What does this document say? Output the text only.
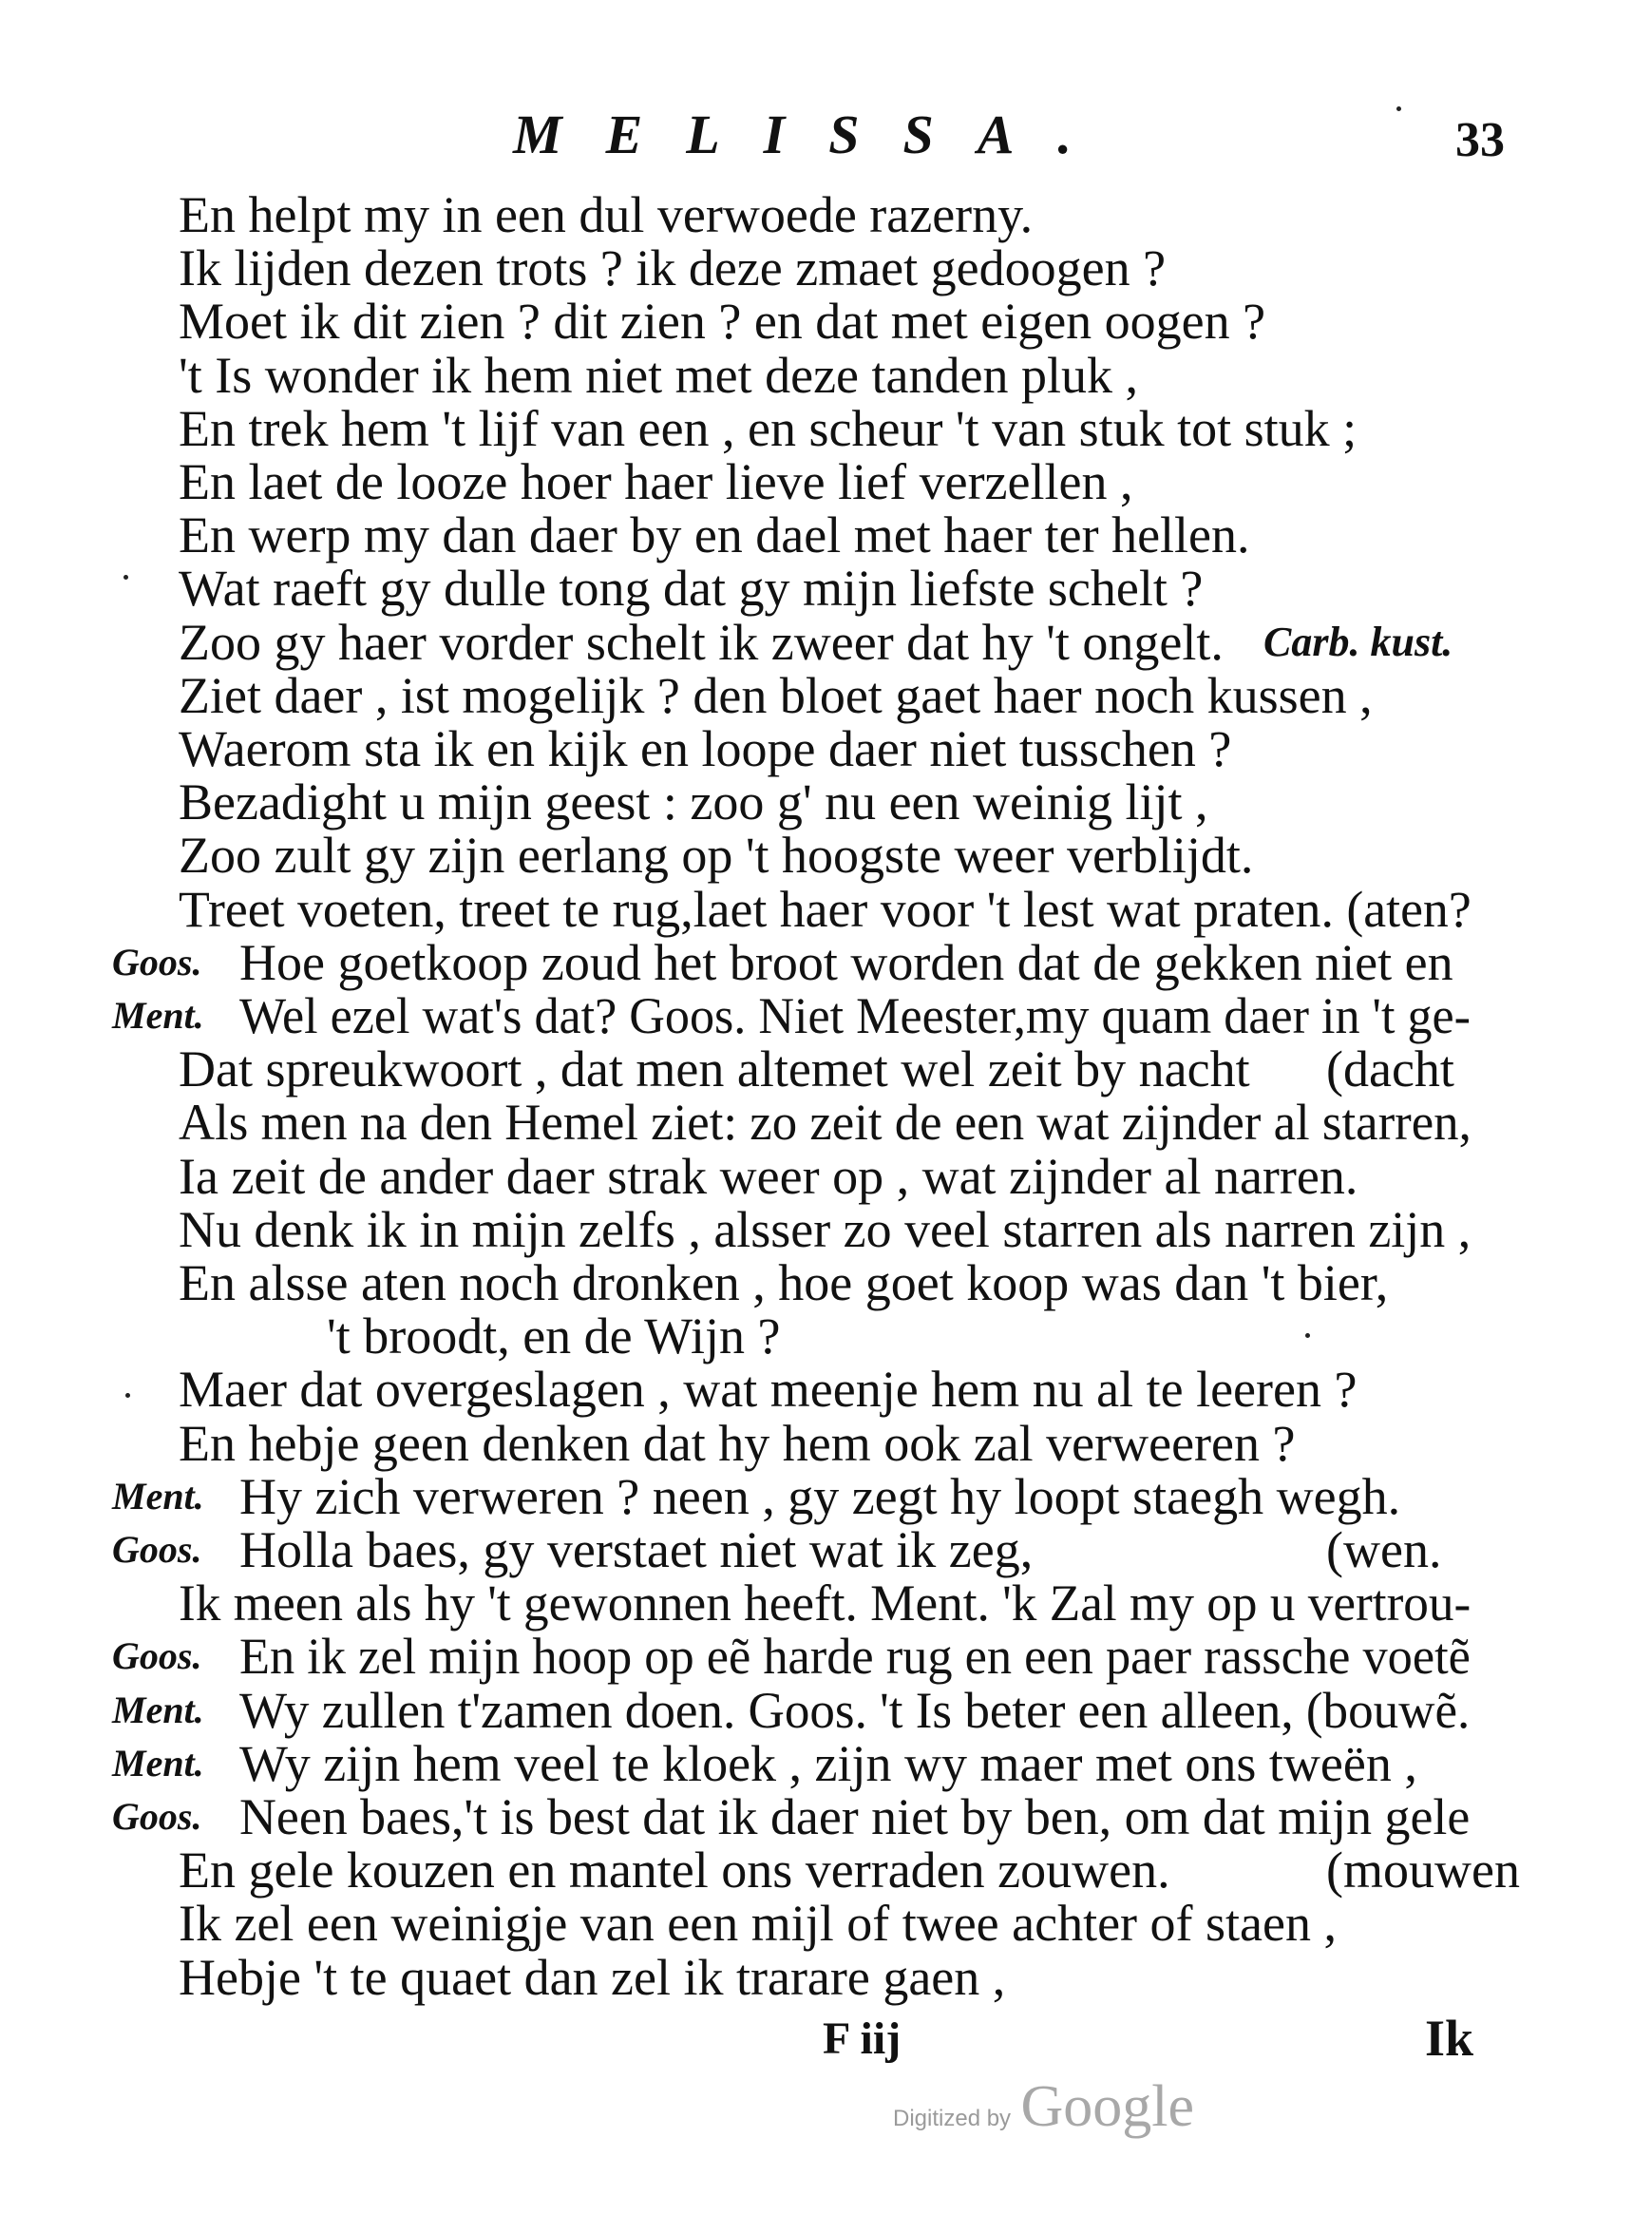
MELISSA.	33
En helpt my in een dul verwoede razerny.
Ik lijden dezen trots ? ik deze zmaet gedoogen ?
Moet ik dit zien ? dit zien ? en dat met eigen oogen ?
't Is wonder ik hem niet met deze tanden pluk ,
En trek hem 't lijf van een , en scheur 't van stuk tot stuk ;
En laet de looze hoer haer lieve lief verzellen ,
En werp my dan daer by en dael met haer ter hellen.
Wat raeft gy dulle tong dat gy mijn liefste schelt ?
Zoo gy haer vorder schelt ik zweer dat hy 't ongelt. Carb. kust.
Ziet daer , ist mogelijk ? den bloet gaet haer noch kussen ,
Waerom sta ik en kijk en loope daer niet tusschen ?
Bezadight u mijn geest : zoo g' nu een weinig lijt ,
Zoo zult gy zijn eerlang op 't hoogste weer verblijdt.
Treet voeten, treet te rug,laet haer voor 't lest wat praten. (aten?
Goos. Hoe goetkoop zoud het broot worden dat de gekken niet en
Ment. Wel ezel wat's dat? Goos. Niet Meester,my quam daer in 't ge-
Dat spreukwoort , dat men altemet wel zeit by nacht (dacht
Als men na den Hemel ziet: zo zeit de een wat zijnder al starren,
Ia zeit de ander daer strak weer op , wat zijnder al narren.
Nu denk ik in mijn zelfs , alsser zo veel starren als narren zijn ,
En alsse aten noch dronken , hoe goet koop was dan 't bier,
't broodt, en de Wijn ?
Maer dat overgeslagen , wat meenje hem nu al te leeren ?
En hebje geen denken dat hy hem ook zal verweeren ?
Ment. Hy zich verweren ? neen , gy zegt hy loopt staegh wegh.
Goos. Holla baes, gy verstaet niet wat ik zeg,	(wen.
Ik meen als hy 't gewonnen heeft. Ment. 'k Zal my op u vertrou-
Goos. En ik zel mijn hoop op eẽ harde rug en een paer rassche voetẽ
Ment. Wy zullen t'zamen doen. Goos. 't Is beter een alleen, (bouwẽ.
Ment. Wy zijn hem veel te kloek , zijn wy maer met ons tweën ,
Goos. Neen baes,'t is best dat ik daer niet by ben, om dat mijn gele
En gele kouzen en mantel ons verraden zouwen.	(mouwen
Ik zel een weinigje van een mijl of twee achter of staen ,
Hebje 't te quaet dan zel ik trarare gaen ,
F iij	Ik
Digitized by Google
